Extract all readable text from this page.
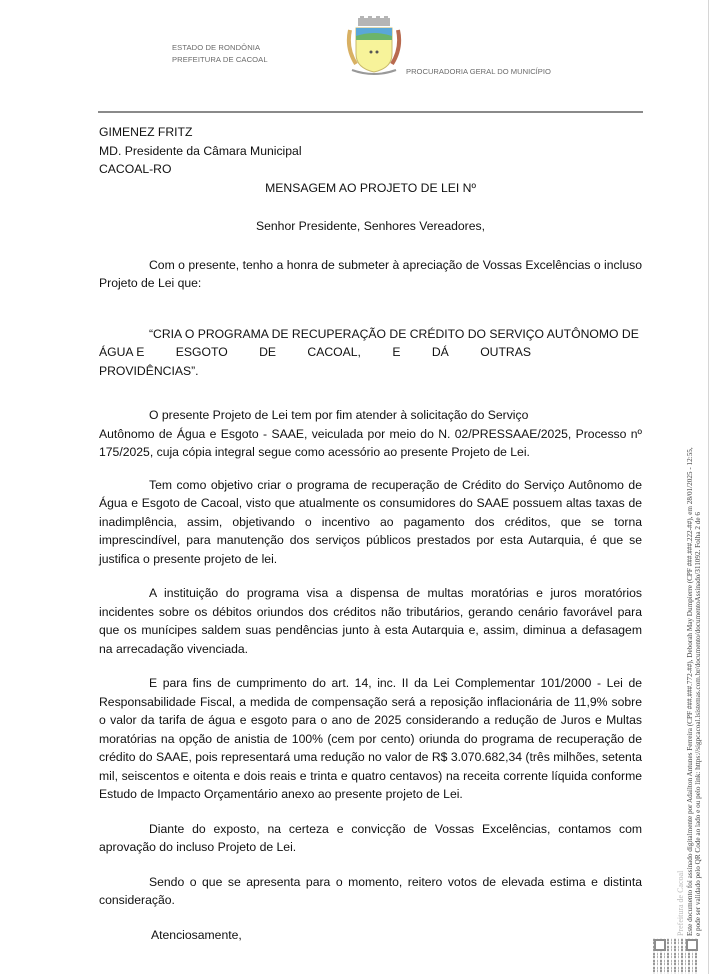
ESTADO DE RONDÔNIA
PREFEITURA DE CACOAL
PROCURADORIA GERAL DO MUNICÍPIO
GIMENEZ FRITZ
MD. Presidente da Câmara Municipal
CACOAL-RO
MENSAGEM AO PROJETO DE LEI Nº
Senhor Presidente, Senhores Vereadores,
Com o presente, tenho a honra de submeter à apreciação de Vossas Excelências o incluso Projeto de Lei que:
“CRIA O PROGRAMA DE RECUPERAÇÃO DE CRÉDITO DO SERVIÇO AUTÔNOMO DE
ÁGUA E	ESGOTO	DE	CACOAL,	E	DÁ	OUTRAS
PROVIDÊNCIAS”.
O presente Projeto de Lei tem por fim atender à solicitação do Serviço
Autônomo de Água e Esgoto - SAAE, veiculada por meio do N. 02/PRESSAAE/2025, Processo nº 175/2025, cuja cópia integral segue como acessório ao presente Projeto de Lei.
Tem como objetivo criar o programa de recuperação de Crédito do Serviço Autônomo de Água e Esgoto de Cacoal, visto que atualmente os consumidores do SAAE possuem altas taxas de inadimplência, assim, objetivando o incentivo ao pagamento dos créditos, que se torna imprescindível, para manutenção dos serviços públicos prestados por esta Autarquia, é que se justifica o presente projeto de lei.
A instituição do programa visa a dispensa de multas moratórias e juros moratórios incidentes sobre os débitos oriundos dos créditos não tributários, gerando cenário favorável para que os munícipes saldem suas pendências junto à esta Autarquia e, assim, diminua a defasagem na arrecadação vivenciada.
E para fins de cumprimento do art. 14, inc. II da Lei Complementar 101/2000 - Lei de Responsabilidade Fiscal, a medida de compensação será a reposição inflacionária de 11,9% sobre o valor da tarifa de água e esgoto para o ano de 2025 considerando a redução de Juros e Multas moratórias na opção de anistia de 100% (cem por cento) oriunda do programa de recuperação de crédito do SAAE, pois representará uma redução no valor de R$ 3.070.682,34 (três milhões, setenta mil, seiscentos e oitenta e dois reais e trinta e quatro centavos) na receita corrente líquida conforme Estudo de Impacto Orçamentário anexo ao presente projeto de Lei.
Diante do exposto, na certeza e convicção de Vossas Excelências, contamos com aprovação do incluso Projeto de Lei.
Sendo o que se apresenta para o momento, reitero votos de elevada estima e distinta consideração.
Atenciosamente,	Prefeitura de Cacoal Este documento foi assinado digitalmente por Adailton Antunes Ferreira (CPF ###.###.772-##), Deborah May Dumpierre (CPF ###.###.222-##), em 28/01/2025 - 12:55, e pode ser validado pelo QR Code ao lado e ou pelo link: https://sigpcacoal.lsistemas.com.br/documento/documentoAssinado/311092. Folha 2 de 6
